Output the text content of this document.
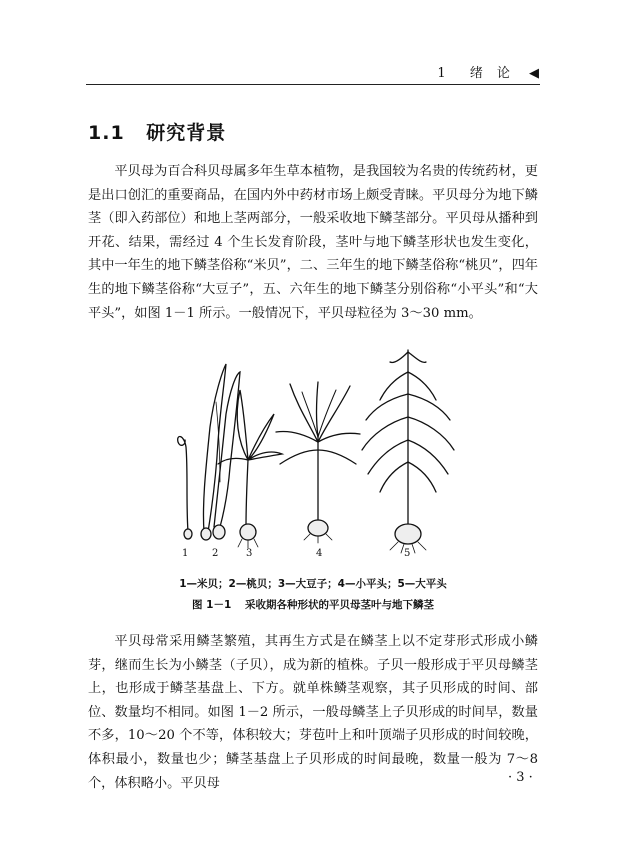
1 绪论 ◀
1.1 研究背景

平贝母为百合科贝母属多年生草本植物，是我国较为名贵的传统药材，更是出口创汇的重要商品，在国内外中药材市场上颇受青睐。平贝母分为地下鳞茎（即入药部位）和地上茎两部分，一般采收地下鳞茎部分。平贝母从播种到开花、结果，需经过 4 个生长发育阶段，茎叶与地下鳞茎形状也发生变化，其中一年生的地下鳞茎俗称“米贝”，二、三年生的地下鳞茎俗称“桃贝”，四年生的地下鳞茎俗称“大豆子”，五、六年生的地下鳞茎分别俗称“小平头”和“大平头”，如图 1－1 所示。一般情况下，平贝母粒径为 3～30 mm。

1 2	3	4	5
1—米贝；2—桃贝；3—大豆子；4—小平头；5—大平头
图 1－1 采收期各种形状的平贝母茎叶与地下鳞茎

平贝母常采用鳞茎繁殖，其再生方式是在鳞茎上以不定芽形式形成小鳞芽，继而生长为小鳞茎（子贝），成为新的植株。子贝一般形成于平贝母鳞茎上，也形成于鳞茎基盘上、下方。就单株鳞茎观察，其子贝形成的时间、部位、数量均不相同。如图 1－2 所示，一般母鳞茎上子贝形成的时间早，数量不多，10～20 个不等，体积较大；芽苞叶上和叶顶端子贝形成的时间较晚，体积最小，数量也少；鳞茎基盘上子贝形成的时间最晚，数量一般为 7～8 个，体积略小。平贝母	· 3 ·
